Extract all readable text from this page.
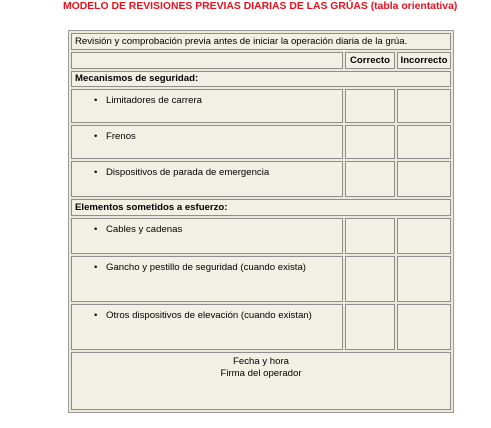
MODELO DE REVISIONES PREVIAS DIARIAS DE LAS GRÚAS (tabla orientativa)
Revisión y comprobación previa antes de iniciar la operación diaria de la grúa.
Correcto	Incorrecto
Mecanismos de seguridad:
• Limitadores de carrera
• Frenos
• Dispositivos de parada de emergencia
Elementos sometidos a esfuerzo:
• Cables y cadenas
• Gancho y pestillo de seguridad (cuando exista)
• Otros dispositivos de elevación (cuando existan)
Fecha y hora
Firma del operador
